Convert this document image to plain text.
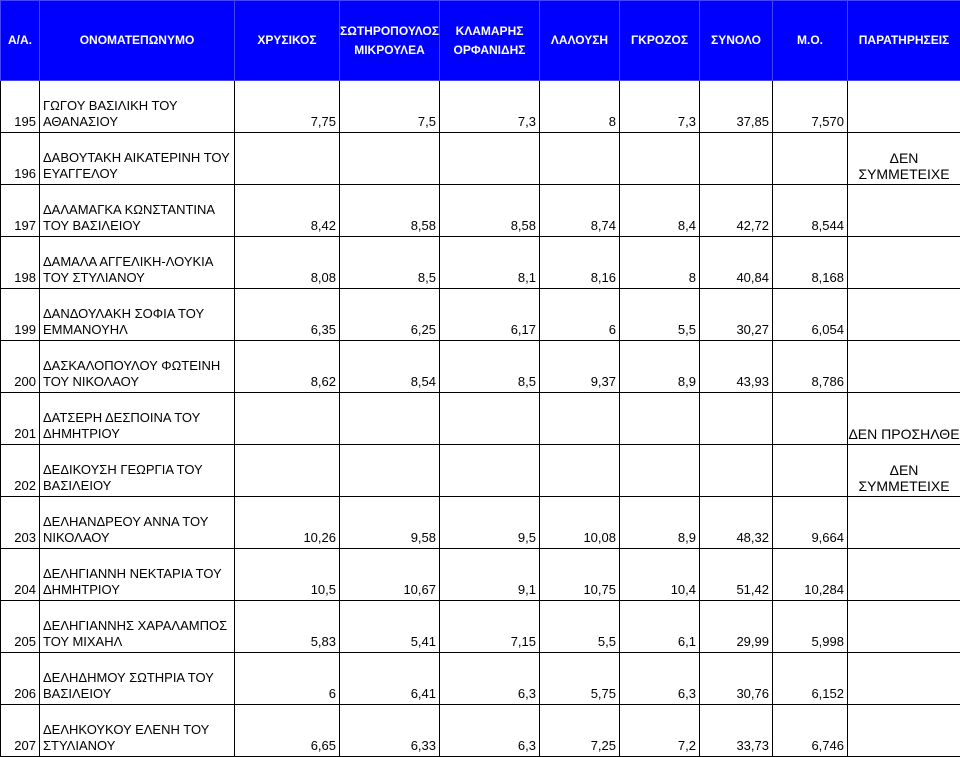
Α/Α.	ΟΝΟΜΑΤΕΠΩΝΥΜΟ	ΧΡΥΣΙΚΟΣ	ΣΩΤΗΡΟΠΟΥΛΟΣ
ΜΙΚΡΟΥΛΕΑ	ΚΛΑΜΑΡΗΣ
ΟΡΦΑΝΙΔΗΣ	ΛΑΛΟΥΣΗ	ΓΚΡΟΖΟΣ	ΣΥΝΟΛΟ	Μ.Ο.	ΠΑΡΑΤΗΡΗΣΕΙΣ
195	ΓΩΓΟΥ ΒΑΣΙΛΙΚΗ ΤΟΥ
ΑΘΑΝΑΣΙΟΥ	7,75	7,5	7,3	8	7,3	37,85	7,570	
196	ΔΑΒΟΥΤΑΚΗ ΑΙΚΑΤΕΡΙΝΗ ΤΟΥ
ΕΥΑΓΓΕΛΟΥ								ΔΕΝ ΣΥΜΜΕΤΕΙΧΕ
197	ΔΑΛΑΜΑΓΚΑ ΚΩΝΣΤΑΝΤΙΝΑ
ΤΟΥ ΒΑΣΙΛΕΙΟΥ	8,42	8,58	8,58	8,74	8,4	42,72	8,544	
198	ΔΑΜΑΛΑ ΑΓΓΕΛΙΚΗ-ΛΟΥΚΙΑ
ΤΟΥ ΣΤΥΛΙΑΝΟΥ	8,08	8,5	8,1	8,16	8	40,84	8,168	
199	ΔΑΝΔΟΥΛΑΚΗ ΣΟΦΙΑ ΤΟΥ
ΕΜΜΑΝΟΥΗΛ	6,35	6,25	6,17	6	5,5	30,27	6,054	
200	ΔΑΣΚΑΛΟΠΟΥΛΟΥ ΦΩΤΕΙΝΗ
ΤΟΥ ΝΙΚΟΛΑΟΥ	8,62	8,54	8,5	9,37	8,9	43,93	8,786	
201	ΔΑΤΣΕΡΗ ΔΕΣΠΟΙΝΑ ΤΟΥ
ΔΗΜΗΤΡΙΟΥ								ΔΕΝ ΠΡΟΣΗΛΘΕ
202	ΔΕΔΙΚΟΥΣΗ ΓΕΩΡΓΙΑ ΤΟΥ
ΒΑΣΙΛΕΙΟΥ								ΔΕΝ ΣΥΜΜΕΤΕΙΧΕ
203	ΔΕΛΗΑΝΔΡΕΟΥ ΑΝΝΑ ΤΟΥ
ΝΙΚΟΛΑΟΥ	10,26	9,58	9,5	10,08	8,9	48,32	9,664	
204	ΔΕΛΗΓΙΑΝΝΗ ΝΕΚΤΑΡΙΑ ΤΟΥ
ΔΗΜΗΤΡΙΟΥ	10,5	10,67	9,1	10,75	10,4	51,42	10,284	
205	ΔΕΛΗΓΙΑΝΝΗΣ ΧΑΡΑΛΑΜΠΟΣ
ΤΟΥ ΜΙΧΑΗΛ	5,83	5,41	7,15	5,5	6,1	29,99	5,998	
206	ΔΕΛΗΔΗΜΟΥ ΣΩΤΗΡΙΑ ΤΟΥ
ΒΑΣΙΛΕΙΟΥ	6	6,41	6,3	5,75	6,3	30,76	6,152	
207	ΔΕΛΗΚΟΥΚΟΥ ΕΛΕΝΗ ΤΟΥ
ΣΤΥΛΙΑΝΟΥ	6,65	6,33	6,3	7,25	7,2	33,73	6,746	
